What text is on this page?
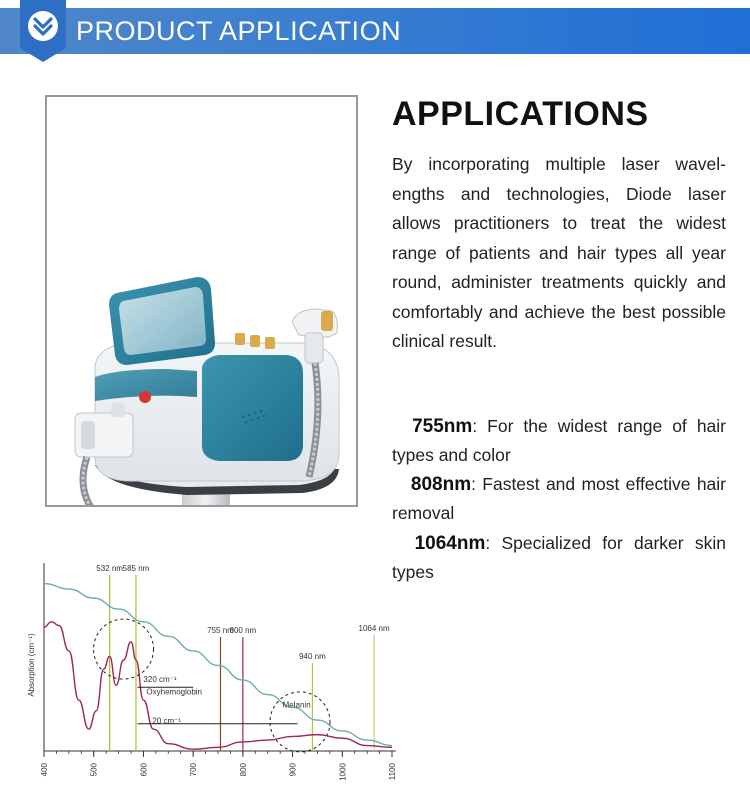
PRODUCT APPLICATION
APPLICATIONS
By incorporating multiple laser wavel-engths and technologies, Diode laser allows practitioners to treat the widest range of patients and hair types all year round, administer treatments quickly and comfortably and achieve the best possible clinical result.
755nm: For the widest range of hair types and color
808nm: Fastest and most effective hair removal
1064nm: Specialized for darker skin types
532 nm 585 nm
755 nm
800 nm
940 nm
1064 nm
320 cm⁻¹
Oxyhemoglobin
20 cm⁻¹
Melanin
400	500	600	700	800	900	1000	1100
Absorption (cm⁻¹)
